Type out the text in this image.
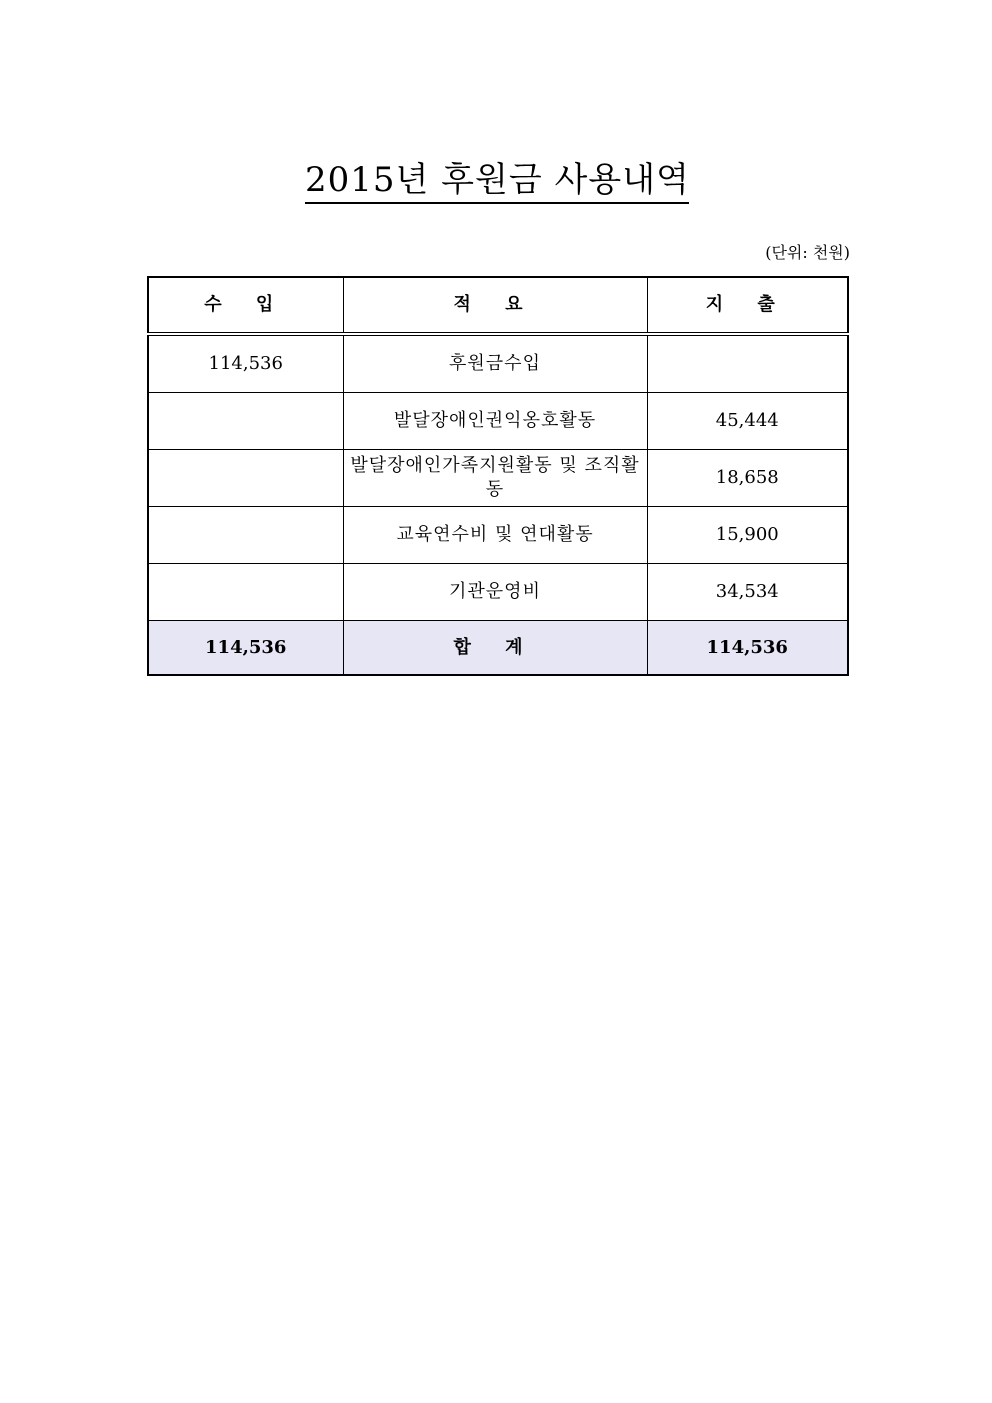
2015년 후원금 사용내역
(단위: 천원)
수 입	적 요	지 출
114,536	후원금수입	
	발달장애인권익옹호활동	45,444
	발달장애인가족지원활동 및 조직활동	18,658
	교육연수비 및 연대활동	15,900
	기관운영비	34,534
114,536	합 계	114,536
